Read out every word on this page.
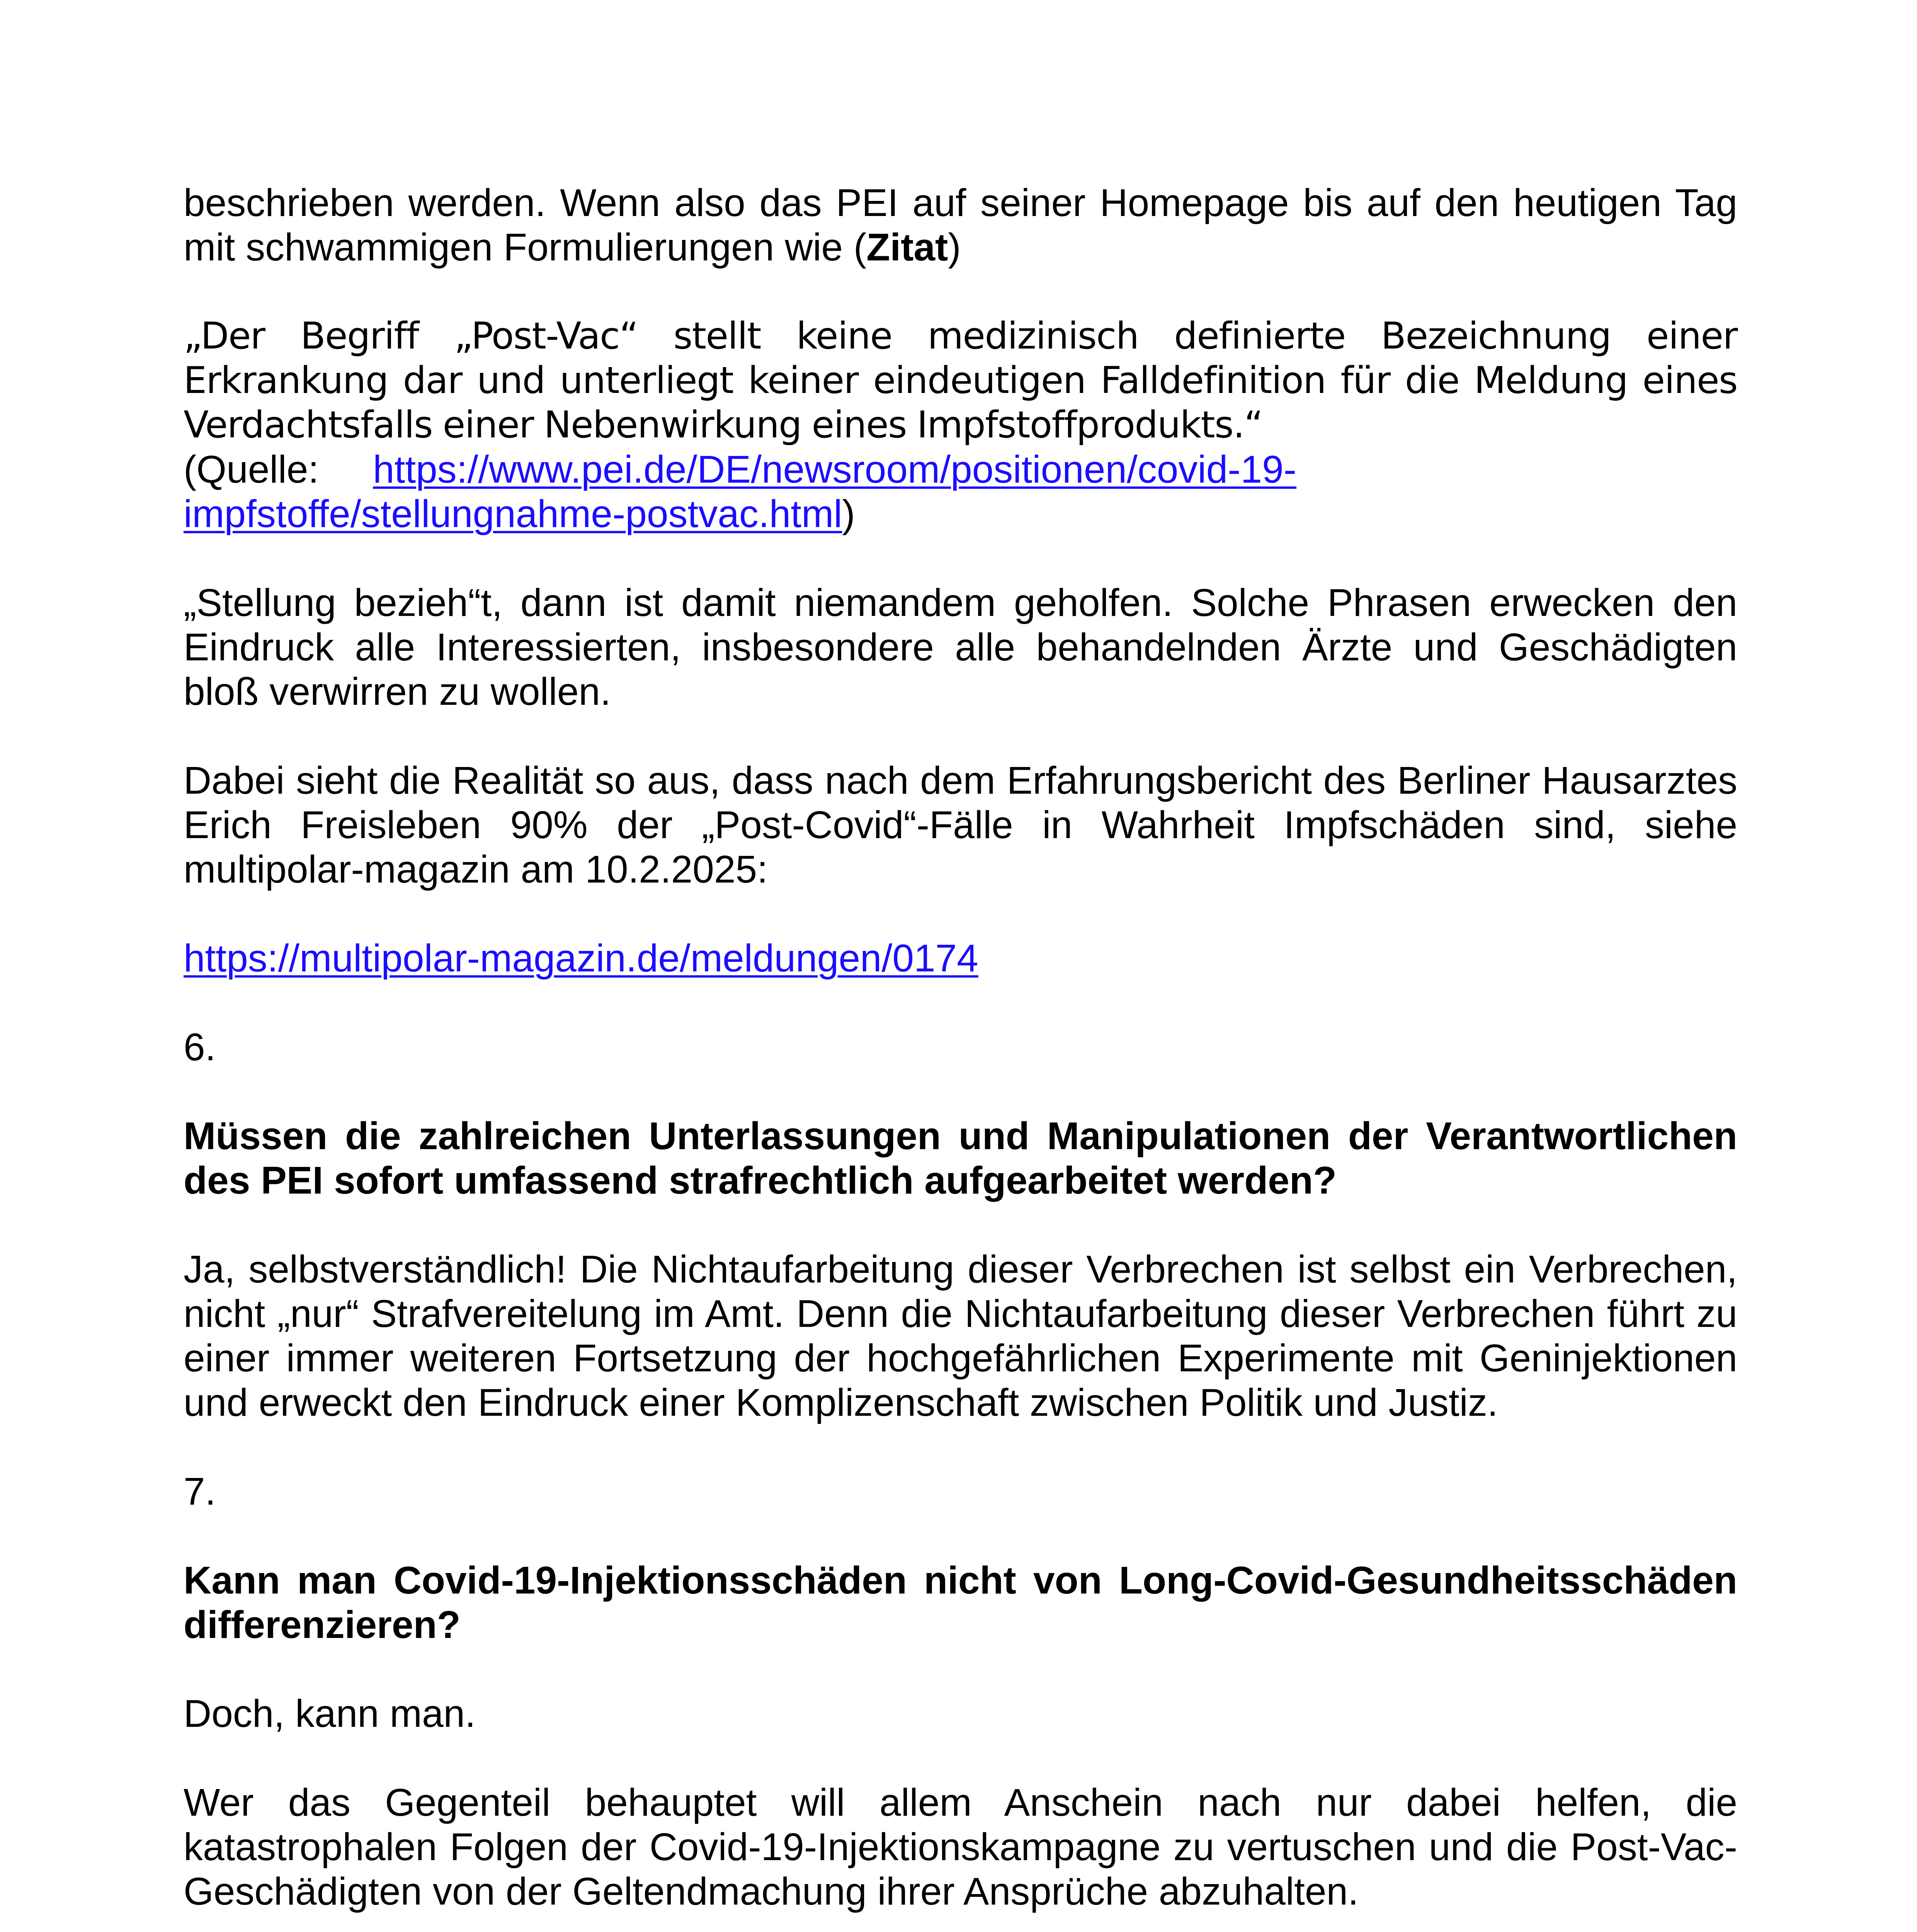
beschrieben werden. Wenn also das PEI auf seiner Homepage bis auf den heutigen Tag mit schwammigen Formulierungen wie (Zitat)

„Der Begriff „Post-Vac“ stellt keine medizinisch definierte Bezeichnung einer Erkrankung dar und unterliegt keiner eindeutigen Falldefinition für die Meldung eines Verdachtsfalls einer Nebenwirkung eines Impfstoffprodukts.“

(Quelle: https://www.pei.de/DE/newsroom/positionen/covid-19-impfstoffe/stellungnahme-postvac.html)

„Stellung bezieh“t, dann ist damit niemandem geholfen. Solche Phrasen erwecken den Eindruck alle Interessierten, insbesondere alle behandelnden Ärzte und Geschädigten bloß verwirren zu wollen.

Dabei sieht die Realität so aus, dass nach dem Erfahrungsbericht des Berliner Hausarztes Erich Freisleben 90% der „Post-Covid“-Fälle in Wahrheit Impfschäden sind, siehe multipolar-magazin am 10.2.2025:

https://multipolar-magazin.de/meldungen/0174

6.

Müssen die zahlreichen Unterlassungen und Manipulationen der Verantwortlichen des PEI sofort umfassend strafrechtlich aufgearbeitet werden?

Ja, selbstverständlich! Die Nichtaufarbeitung dieser Verbrechen ist selbst ein Verbrechen, nicht „nur“ Strafvereitelung im Amt. Denn die Nichtaufarbeitung dieser Verbrechen führt zu einer immer weiteren Fortsetzung der hochgefährlichen Experimente mit Geninjektionen und erweckt den Eindruck einer Komplizenschaft zwischen Politik und Justiz.

7.

Kann man Covid-19-Injektionsschäden nicht von Long-Covid-Gesundheitsschäden differenzieren?

Doch, kann man.

Wer das Gegenteil behauptet will allem Anschein nach nur dabei helfen, die katastrophalen Folgen der Covid-19-Injektionskampagne zu vertuschen und die Post-Vac-Geschädigten von der Geltendmachung ihrer Ansprüche abzuhalten.
